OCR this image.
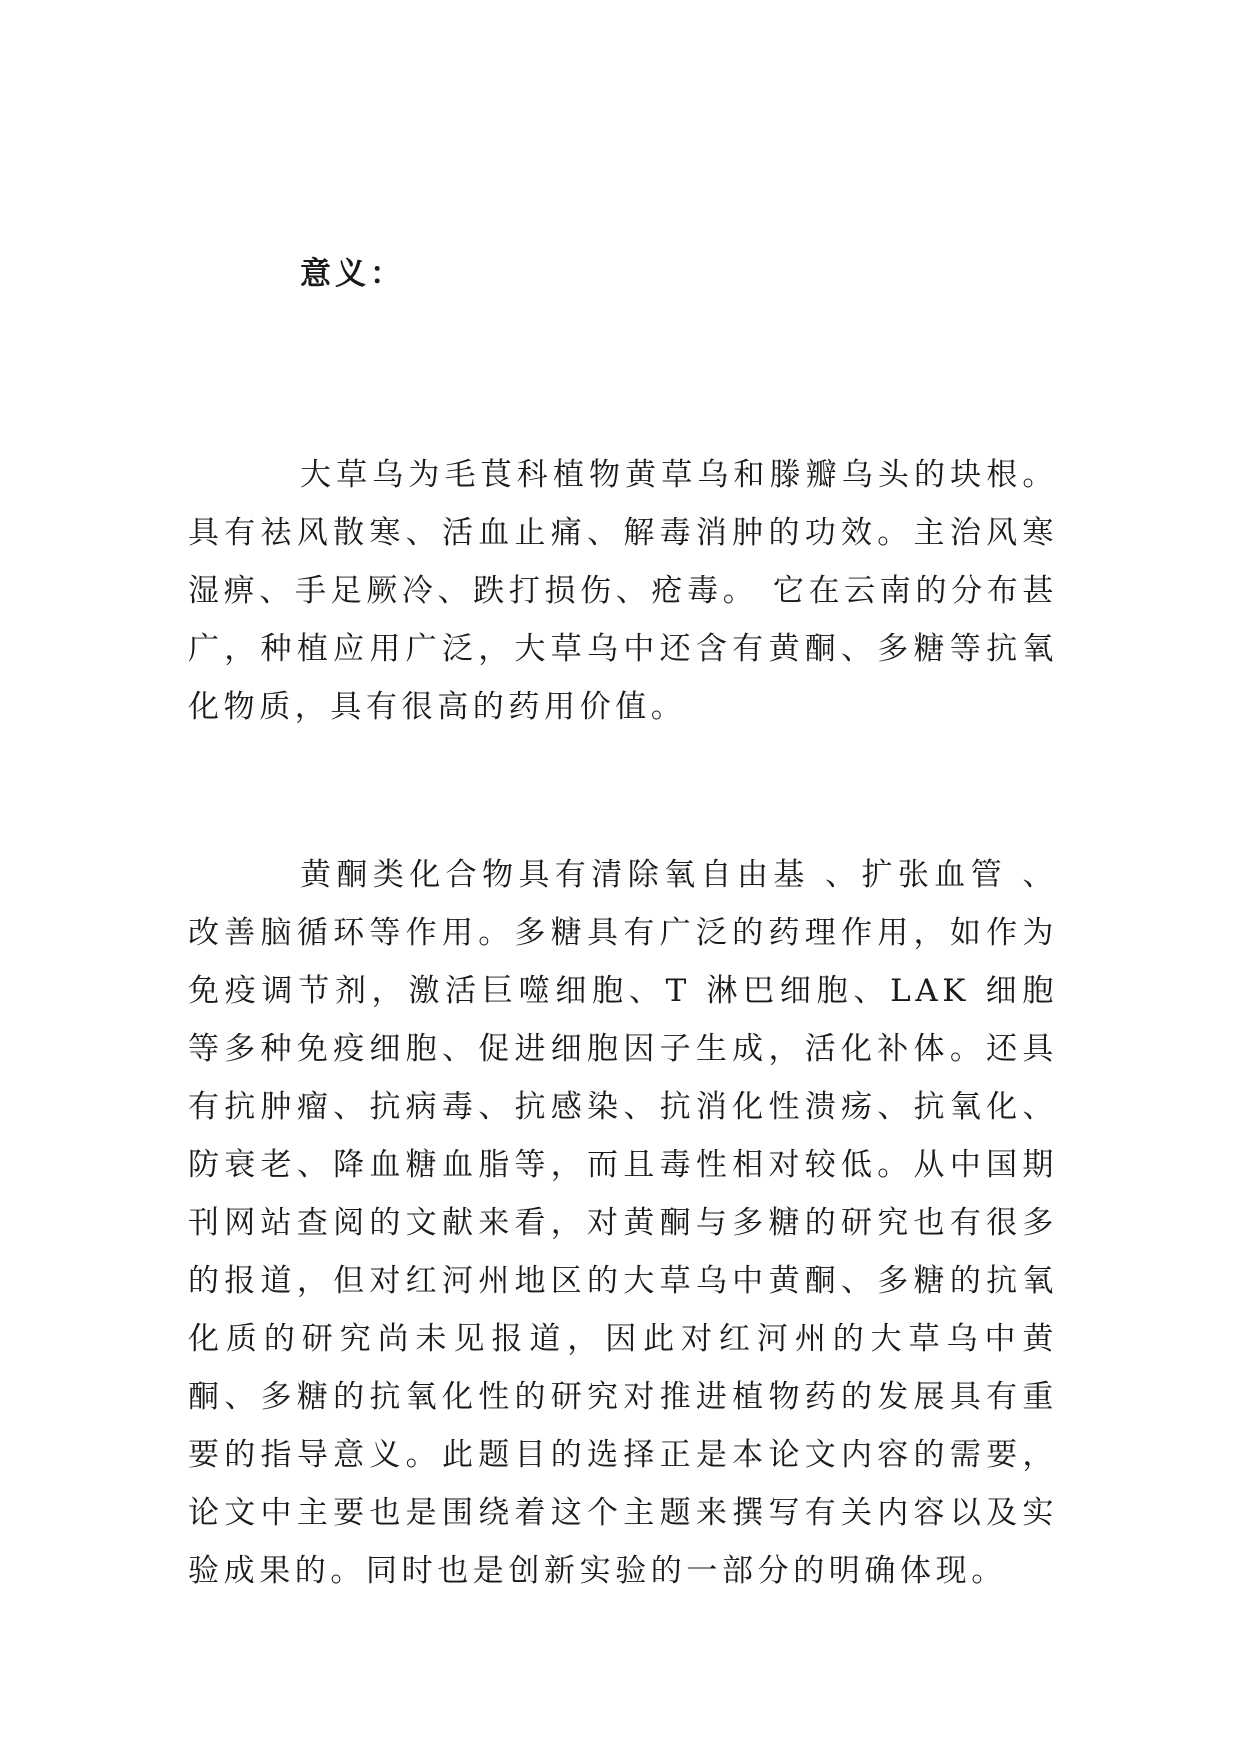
意义：

大草乌为毛茛科植物黄草乌和滕瓣乌头的块根。具有祛风散寒、活血止痛、解毒消肿的功效。主治风寒湿痹、手足厥冷、跌打损伤、疮毒。 它在云南的分布甚广，种植应用广泛，大草乌中还含有黄酮、多糖等抗氧化物质，具有很高的药用价值。

黄酮类化合物具有清除氧自由基 、扩张血管 、改善脑循环等作用。多糖具有广泛的药理作用，如作为免疫调节剂，激活巨噬细胞、T 淋巴细胞、LAK 细胞等多种免疫细胞、促进细胞因子生成，活化补体。还具有抗肿瘤、抗病毒、抗感染、抗消化性溃疡、抗氧化、防衰老、降血糖血脂等，而且毒性相对较低。从中国期刊网站查阅的文献来看，对黄酮与多糖的研究也有很多的报道，但对红河州地区的大草乌中黄酮、多糖的抗氧化质的研究尚未见报道，因此对红河州的大草乌中黄酮、多糖的抗氧化性的研究对推进植物药的发展具有重要的指导意义。此题目的选择正是本论文内容的需要，论文中主要也是围绕着这个主题来撰写有关内容以及实验成果的。同时也是创新实验的一部分的明确体现。
